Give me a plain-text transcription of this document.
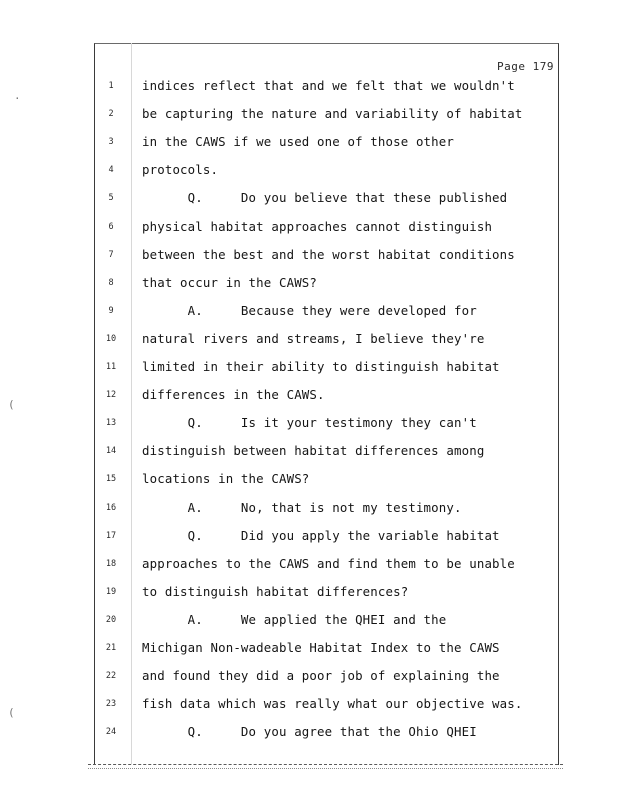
·
(
(
Page 179
1	indices reflect that and we felt that we wouldn't
2	be capturing the nature and variability of habitat
3	in the CAWS if we used one of those other
4	protocols.
5	Q.     Do you believe that these published
6	physical habitat approaches cannot distinguish
7	between the best and the worst habitat conditions
8	that occur in the CAWS?
9	A.     Because they were developed for
10	natural rivers and streams, I believe they're
11	limited in their ability to distinguish habitat
12	differences in the CAWS.
13	Q.     Is it your testimony they can't
14	distinguish between habitat differences among
15	locations in the CAWS?
16	A.     No, that is not my testimony.
17	Q.     Did you apply the variable habitat
18	approaches to the CAWS and find them to be unable
19	to distinguish habitat differences?
20	A.     We applied the QHEI and the
21	Michigan Non-wadeable Habitat Index to the CAWS
22	and found they did a poor job of explaining the
23	fish data which was really what our objective was.
24	Q.     Do you agree that the Ohio QHEI
